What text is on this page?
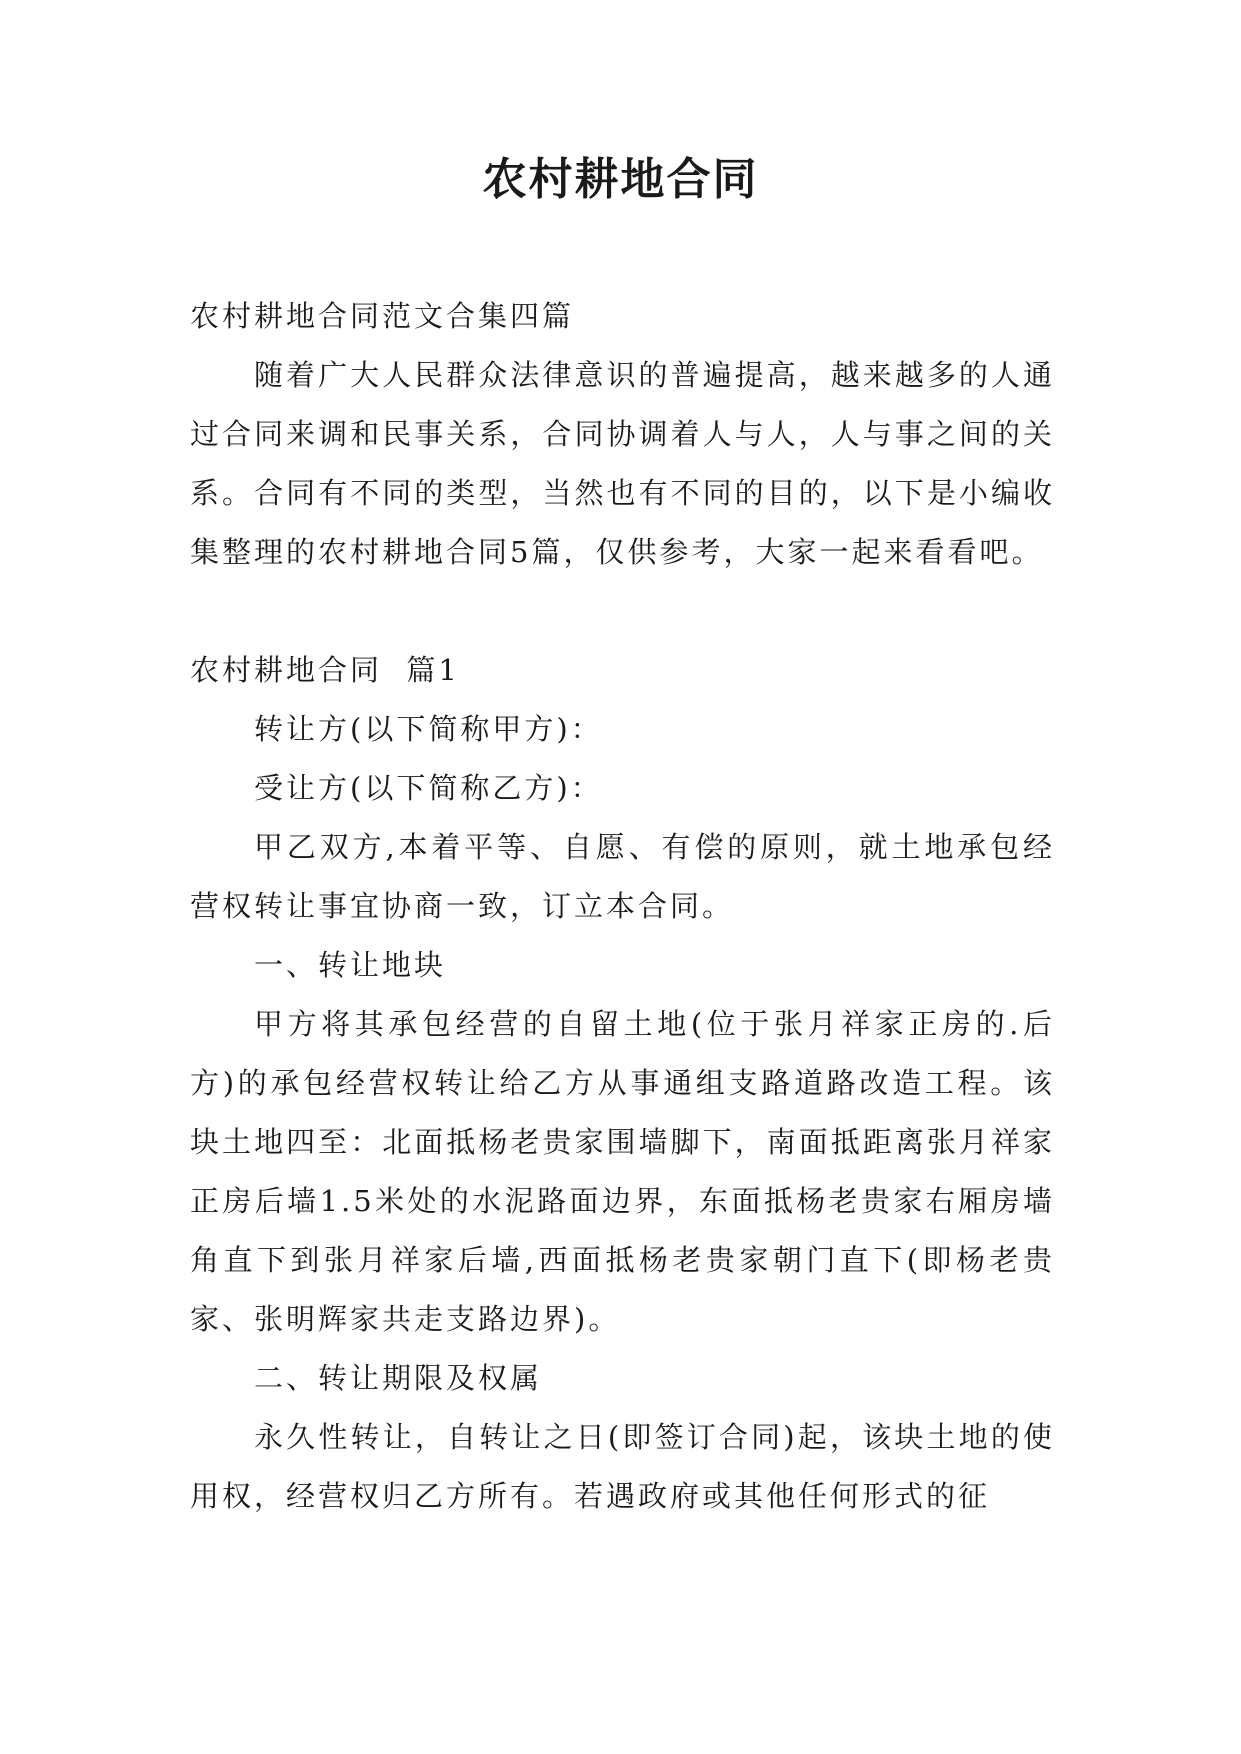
农村耕地合同

农村耕地合同范文合集四篇

随着广大人民群众法律意识的普遍提高，越来越多的人通过合同来调和民事关系，合同协调着人与人，人与事之间的关系。合同有不同的类型，当然也有不同的目的，以下是小编收集整理的农村耕地合同5篇，仅供参考，大家一起来看看吧。

农村耕地合同  篇1

转让方(以下简称甲方)：

受让方(以下简称乙方)：

甲乙双方,本着平等、自愿、有偿的原则，就土地承包经营权转让事宜协商一致，订立本合同。

一、转让地块

甲方将其承包经营的自留土地(位于张月祥家正房的.后方)的承包经营权转让给乙方从事通组支路道路改造工程。该块土地四至：北面抵杨老贵家围墙脚下，南面抵距离张月祥家正房后墙1.5米处的水泥路面边界，东面抵杨老贵家右厢房墙角直下到张月祥家后墙,西面抵杨老贵家朝门直下(即杨老贵家、张明辉家共走支路边界)。

二、转让期限及权属

永久性转让，自转让之日(即签订合同)起，该块土地的使用权，经营权归乙方所有。若遇政府或其他任何形式的征
